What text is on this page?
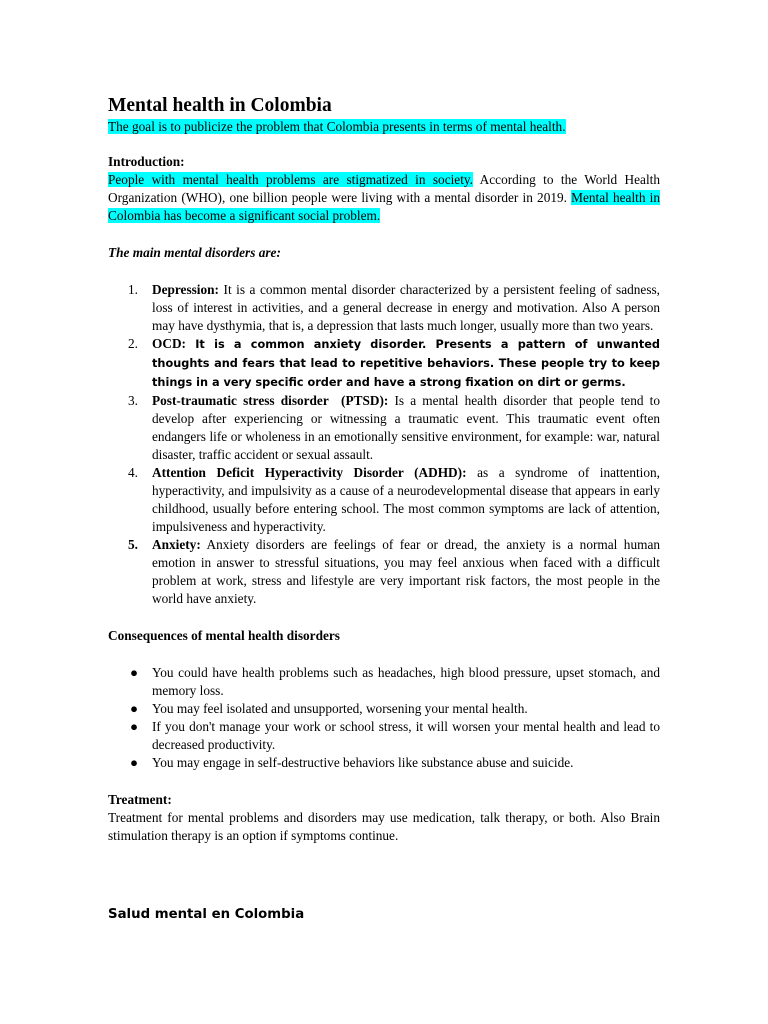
Mental health in Colombia

The goal is to publicize the problem that Colombia presents in terms of mental health.

Introduction:

People with mental health problems are stigmatized in society. According to the World Health Organization (WHO), one billion people were living with a mental disorder in 2019. Mental health in Colombia has become a significant social problem.

The main mental disorders are:

1. Depression: It is a common mental disorder characterized by a persistent feeling of sadness, loss of interest in activities, and a general decrease in energy and motivation. Also A person may have dysthymia, that is, a depression that lasts much longer, usually more than two years.
2. OCD: It is a common anxiety disorder. Presents a pattern of unwanted thoughts and fears that lead to repetitive behaviors. These people try to keep things in a very specific order and have a strong fixation on dirt or germs.
3. Post-traumatic stress disorder (PTSD): Is a mental health disorder that people tend to develop after experiencing or witnessing a traumatic event. This traumatic event often endangers life or wholeness in an emotionally sensitive environment, for example: war, natural disaster, traffic accident or sexual assault.
4. Attention Deficit Hyperactivity Disorder (ADHD): as a syndrome of inattention, hyperactivity, and impulsivity as a cause of a neurodevelopmental disease that appears in early childhood, usually before entering school. The most common symptoms are lack of attention, impulsiveness and hyperactivity.
5. Anxiety: Anxiety disorders are feelings of fear or dread, the anxiety is a normal human emotion in answer to stressful situations, you may feel anxious when faced with a difficult problem at work, stress and lifestyle are very important risk factors, the most people in the world have anxiety.

Consequences of mental health disorders

● You could have health problems such as headaches, high blood pressure, upset stomach, and memory loss.
● You may feel isolated and unsupported, worsening your mental health.
● If you don't manage your work or school stress, it will worsen your mental health and lead to decreased productivity.
● You may engage in self-destructive behaviors like substance abuse and suicide.

Treatment:

Treatment for mental problems and disorders may use medication, talk therapy, or both. Also Brain stimulation therapy is an option if symptoms continue.

Salud mental en Colombia
